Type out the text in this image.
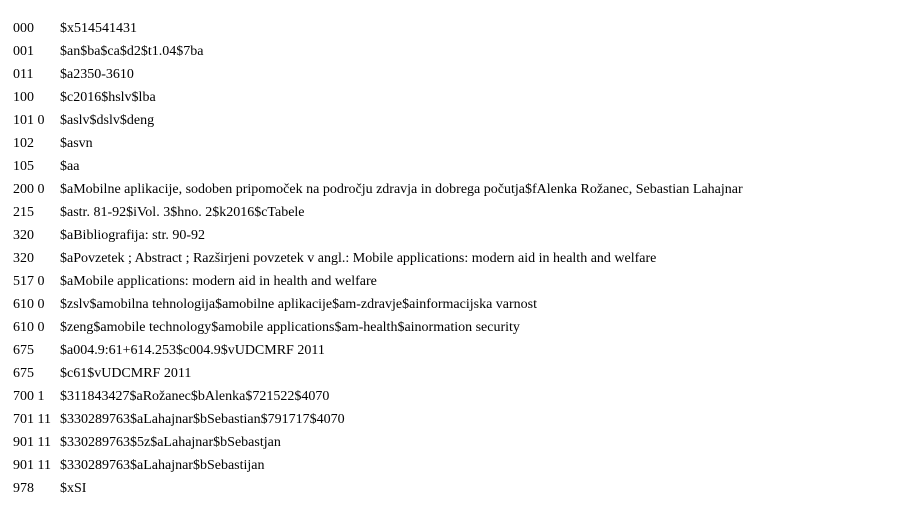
000	$x514541431
001	$an$ba$ca$d2$t1.04$7ba
011	$a2350-3610
100	$c2016$hslv$lba
101 0	$aslv$dslv$deng
102	$asvn
105	$aa
200 0	$aMobilne aplikacije, sodoben pripomoček na področju zdravja in dobrega počutja$fAlenka Rožanec, Sebastian Lahajnar
215	$astr. 81-92$iVol. 3$hno. 2$k2016$cTabele
320	$aBibliografija: str. 90-92
320	$aPovzetek ; Abstract ; Razširjeni povzetek v angl.: Mobile applications: modern aid in health and welfare
517 0	$aMobile applications: modern aid in health and welfare
610 0	$zslv$amobilna tehnologija$amobilne aplikacije$am-zdravje$ainformacijska varnost
610 0	$zeng$amobile technology$amobile applications$am-health$ainormation security
675	$a004.9:61+614.253$c004.9$vUDCMRF 2011
675	$c61$vUDCMRF 2011
700 1	$311843427$aRožanec$bAlenka$721522$4070
701 11 $330289763$aLahajnar$bSebastian$791717$4070
901 11 $330289763$5z$aLahajnar$bSebastjan
901 11 $330289763$aLahajnar$bSebastijan
978	$xSI
